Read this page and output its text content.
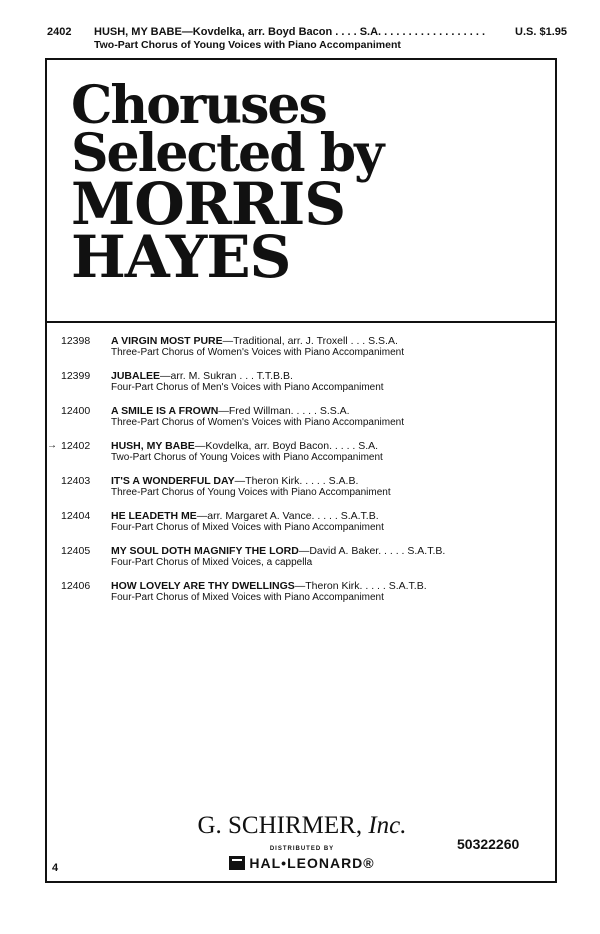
2402	HUSH, MY BABE—Kovdelka, arr. Boyd Bacon . . . . S.A. . . . . . . . . . . . . . . . . .	U.S. $1.95
Two-Part Chorus of Young Voices with Piano Accompaniment
Choruses
Selected by
MORRIS
HAYES
12398	A VIRGIN MOST PURE—Traditional, arr. J. Troxell . . . S.S.A.
Three-Part Chorus of Women's Voices with Piano Accompaniment
12399	JUBALEE—arr. M. Sukran . . . T.T.B.B.
Four-Part Chorus of Men's Voices with Piano Accompaniment
12400	A SMILE IS A FROWN—Fred Willman. . . . . S.S.A.
Three-Part Chorus of Women's Voices with Piano Accompaniment
→ 12402	HUSH, MY BABE—Kovdelka, arr. Boyd Bacon. . . . . S.A.
Two-Part Chorus of Young Voices with Piano Accompaniment
12403	IT'S A WONDERFUL DAY—Theron Kirk. . . . . S.A.B.
Three-Part Chorus of Young Voices with Piano Accompaniment
12404	HE LEADETH ME—arr. Margaret A. Vance. . . . . S.A.T.B.
Four-Part Chorus of Mixed Voices with Piano Accompaniment
12405	MY SOUL DOTH MAGNIFY THE LORD—David A. Baker. . . . . S.A.T.B.
Four-Part Chorus of Mixed Voices, a cappella
12406	HOW LOVELY ARE THY DWELLINGS—Theron Kirk. . . . . S.A.T.B.
Four-Part Chorus of Mixed Voices with Piano Accompaniment
G. SCHIRMER, Inc.
DISTRIBUTED BY
HAL•LEONARD®
50322260
4
